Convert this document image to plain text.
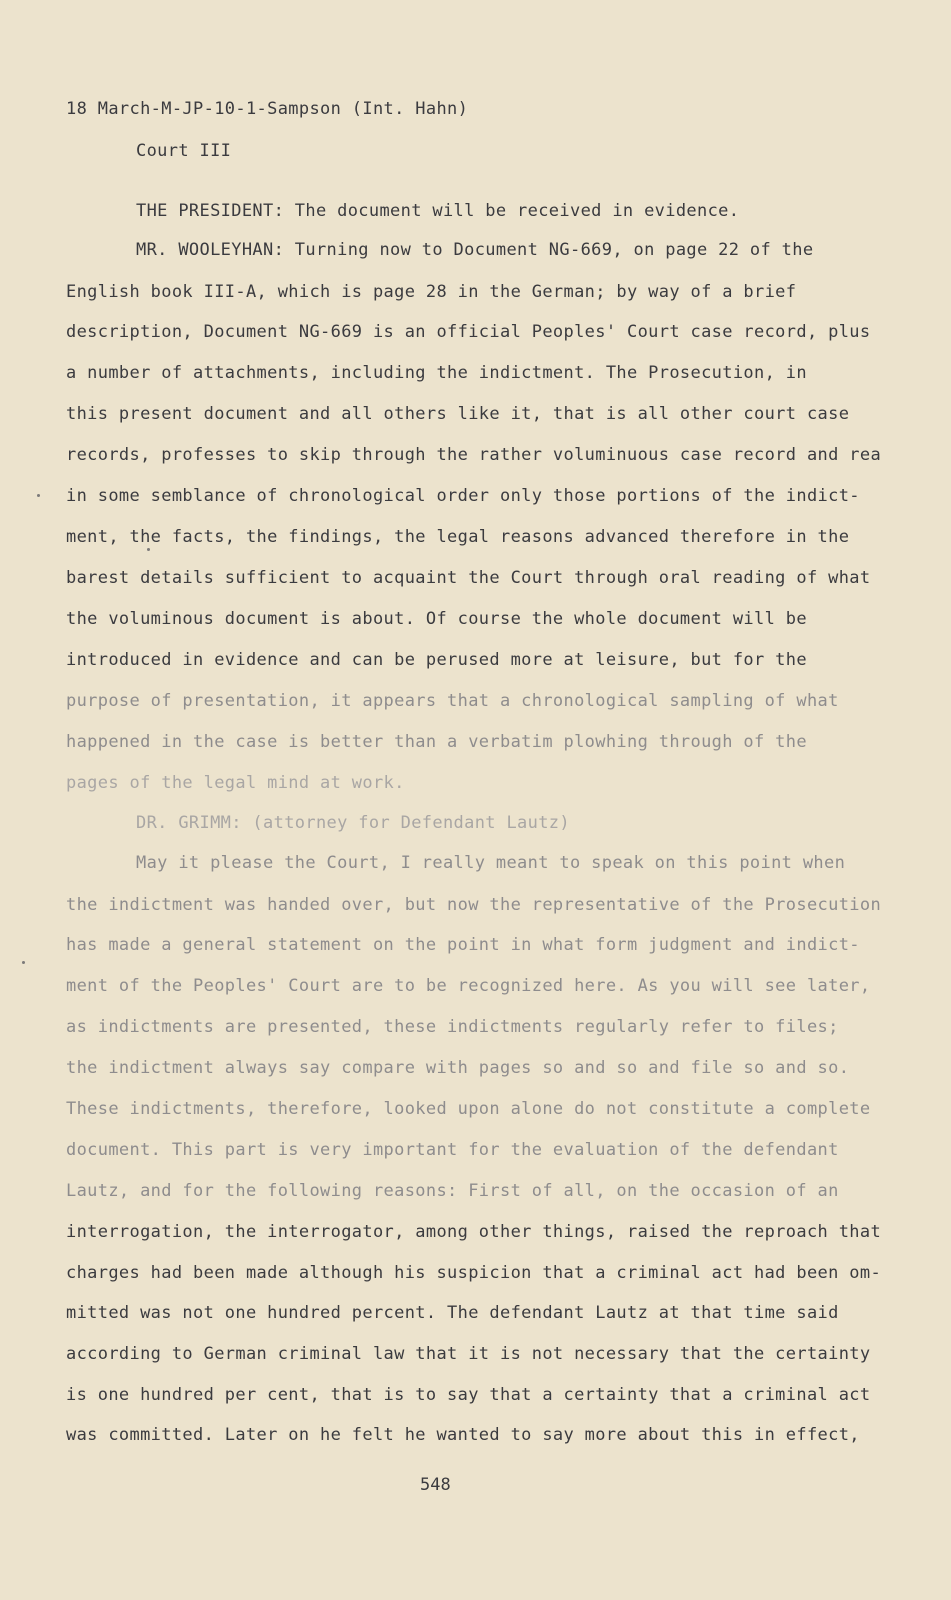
18 March-M-JP-10-1-Sampson (Int. Hahn)
Court III
THE PRESIDENT: The document will be received in evidence.
MR. WOOLEYHAN: Turning now to Document NG-669, on page 22 of the
English book III-A, which is page 28 in the German; by way of a brief
description, Document NG-669 is an official Peoples' Court case record, plus
a number of attachments, including the indictment. The Prosecution, in
this present document and all others like it, that is all other court case
records, professes to skip through the rather voluminuous case record and rea
in some semblance of chronological order only those portions of the indict-
ment, the facts, the findings, the legal reasons advanced therefore in the
barest details sufficient to acquaint the Court through oral reading of what
the voluminous document is about. Of course the whole document will be
introduced in evidence and can be perused more at leisure, but for the
purpose of presentation, it appears that a chronological sampling of what
happened in the case is better than a verbatim plowhing through of the
pages of the legal mind at work.
DR. GRIMM: (attorney for Defendant Lautz)
May it please the Court, I really meant to speak on this point when
the indictment was handed over, but now the representative of the Prosecution
has made a general statement on the point in what form judgment and indict-
ment of the Peoples' Court are to be recognized here. As you will see later,
as indictments are presented, these indictments regularly refer to files;
the indictment always say compare with pages so and so and file so and so.
These indictments, therefore, looked upon alone do not constitute a complete
document. This part is very important for the evaluation of the defendant
Lautz, and for the following reasons: First of all, on the occasion of an
interrogation, the interrogator, among other things, raised the reproach that
charges had been made although his suspicion that a criminal act had been om-
mitted was not one hundred percent. The defendant Lautz at that time said
according to German criminal law that it is not necessary that the certainty
is one hundred per cent, that is to say that a certainty that a criminal act
was committed. Later on he felt he wanted to say more about this in effect,
548
